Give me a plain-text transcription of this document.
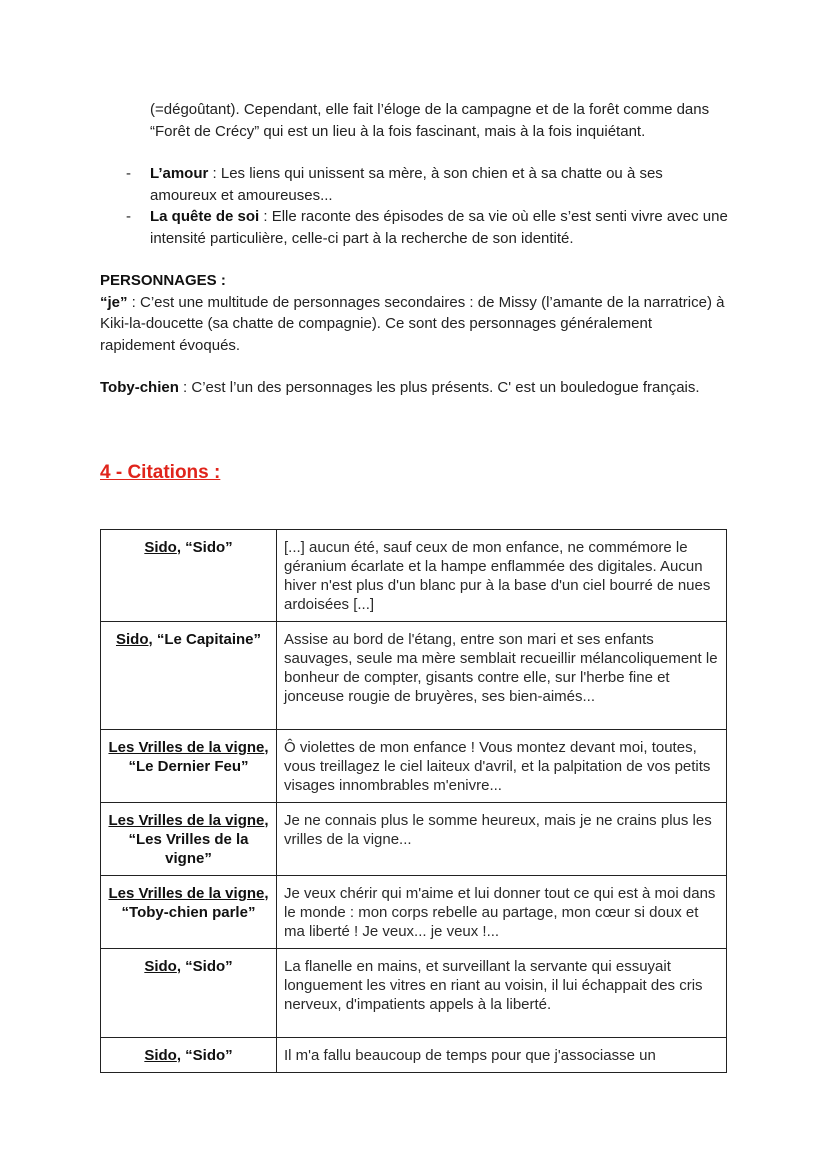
(=dégoûtant). Cependant, elle fait l’éloge de la campagne et de la forêt comme dans “Forêt de Crécy” qui est un lieu à la fois fascinant, mais à la fois inquiétant.

- L’amour : Les liens qui unissent sa mère, à son chien et à sa chatte ou à ses amoureux et amoureuses...
- La quête de soi : Elle raconte des épisodes de sa vie où elle s’est senti vivre avec une intensité particulière, celle-ci part à la recherche de son identité.

PERSONNAGES :
“je” : C’est une multitude de personnages secondaires : de Missy (l’amante de la narratrice) à Kiki-la-doucette (sa chatte de compagnie). Ce sont des personnages généralement rapidement évoqués.

Toby-chien : C’est l’un des personnages les plus présents. C' est un bouledogue français.

4 - Citations :
Sido, “Sido”	[...] aucun été, sauf ceux de mon enfance, ne commémore le géranium écarlate et la hampe enflammée des digitales. Aucun hiver n'est plus d'un blanc pur à la base d'un ciel bourré de nues ardoisées [...]
Sido, “Le Capitaine”	Assise au bord de l'étang, entre son mari et ses enfants sauvages, seule ma mère semblait recueillir mélancoliquement le bonheur de compter, gisants contre elle, sur l'herbe fine et jonceuse rougie de bruyères, ses bien-aimés...
Les Vrilles de la vigne, “Le Dernier Feu”	Ô violettes de mon enfance ! Vous montez devant moi, toutes, vous treillagez le ciel laiteux d'avril, et la palpitation de vos petits visages innombrables m'enivre...
Les Vrilles de la vigne, “Les Vrilles de la vigne”	Je ne connais plus le somme heureux, mais je ne crains plus les vrilles de la vigne...
Les Vrilles de la vigne, “Toby-chien parle”	Je veux chérir qui m'aime et lui donner tout ce qui est à moi dans le monde : mon corps rebelle au partage, mon cœur si doux et ma liberté ! Je veux... je veux !...
Sido, “Sido”	La flanelle en mains, et surveillant la servante qui essuyait longuement les vitres en riant au voisin, il lui échappait des cris nerveux, d'impatients appels à la liberté.
Sido, “Sido”	Il m'a fallu beaucoup de temps pour que j'associasse un
